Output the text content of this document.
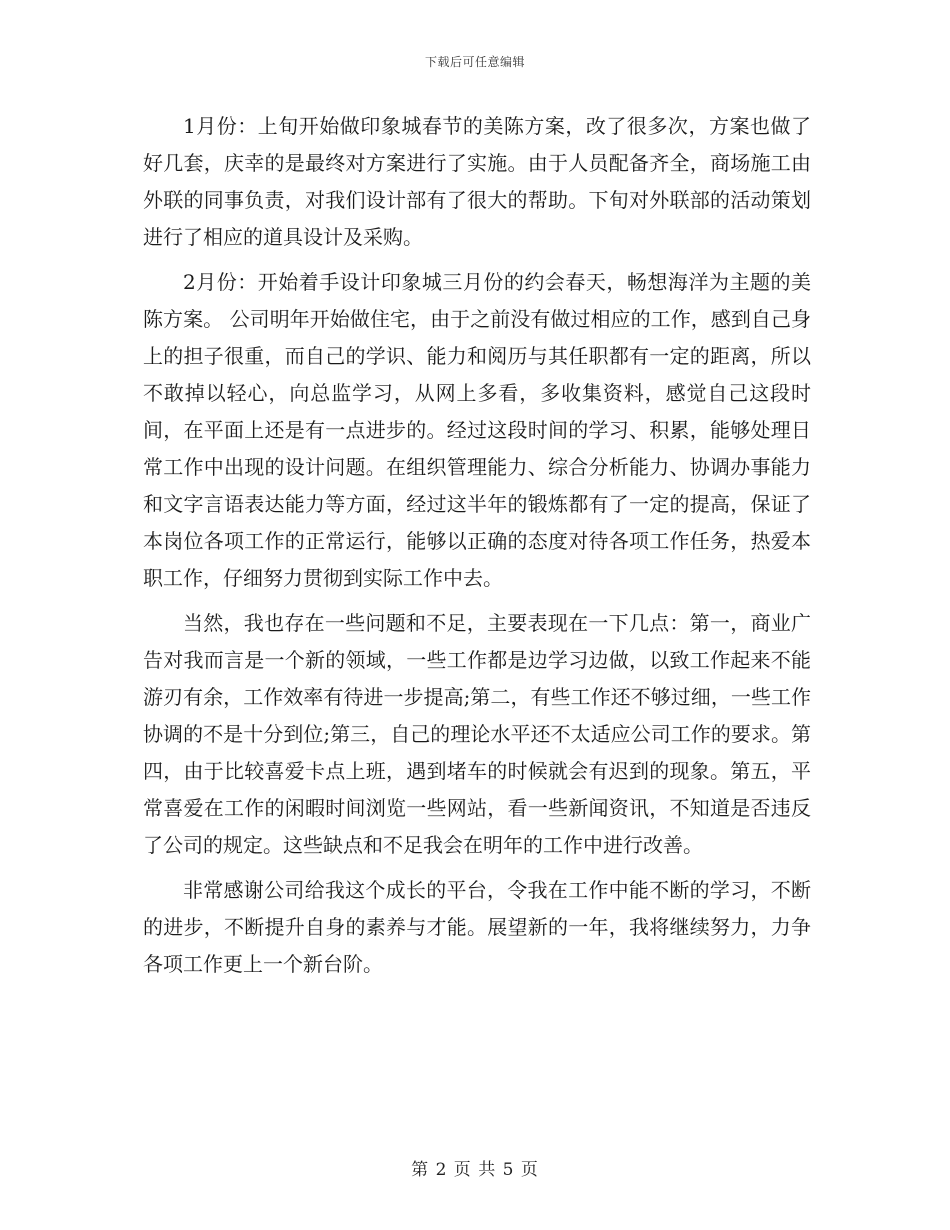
下载后可任意编辑

1月份：上旬开始做印象城春节的美陈方案，改了很多次，方案也做了好几套，庆幸的是最终对方案进行了实施。由于人员配备齐全，商场施工由外联的同事负责，对我们设计部有了很大的帮助。下旬对外联部的活动策划进行了相应的道具设计及采购。

2月份：开始着手设计印象城三月份的约会春天，畅想海洋为主题的美陈方案。 公司明年开始做住宅，由于之前没有做过相应的工作，感到自己身上的担子很重，而自己的学识、能力和阅历与其任职都有一定的距离，所以不敢掉以轻心，向总监学习，从网上多看，多收集资料，感觉自己这段时间，在平面上还是有一点进步的。经过这段时间的学习、积累，能够处理日常工作中出现的设计问题。在组织管理能力、综合分析能力、协调办事能力和文字言语表达能力等方面，经过这半年的锻炼都有了一定的提高，保证了本岗位各项工作的正常运行，能够以正确的态度对待各项工作任务，热爱本职工作，仔细努力贯彻到实际工作中去。

当然，我也存在一些问题和不足，主要表现在一下几点：第一，商业广告对我而言是一个新的领域，一些工作都是边学习边做，以致工作起来不能游刃有余，工作效率有待进一步提高;第二，有些工作还不够过细，一些工作协调的不是十分到位;第三，自己的理论水平还不太适应公司工作的要求。第四，由于比较喜爱卡点上班，遇到堵车的时候就会有迟到的现象。第五，平常喜爱在工作的闲暇时间浏览一些网站，看一些新闻资讯，不知道是否违反了公司的规定。这些缺点和不足我会在明年的工作中进行改善。

非常感谢公司给我这个成长的平台，令我在工作中能不断的学习，不断的进步，不断提升自身的素养与才能。展望新的一年，我将继续努力，力争各项工作更上一个新台阶。

第 2 页 共 5 页
